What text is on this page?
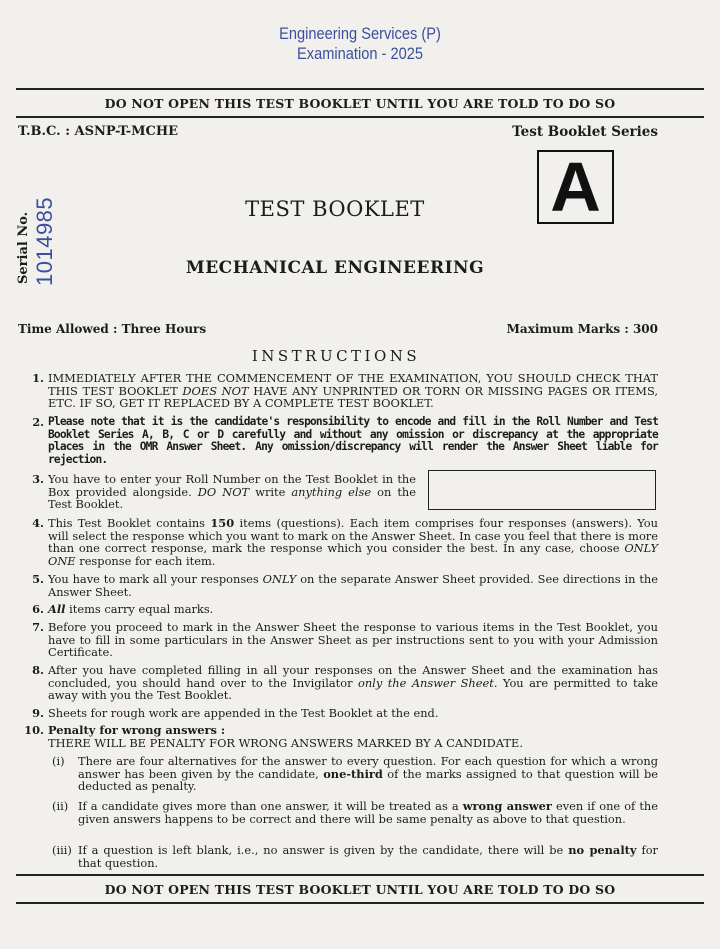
Engineering Services (P)
Examination - 2025
DO NOT OPEN THIS TEST BOOKLET UNTIL YOU ARE TOLD TO DO SO
T.B.C. : ASNP-T-MCHE	Test Booklet Series
Serial No. 1014985
A
TEST BOOKLET
MECHANICAL ENGINEERING
Time Allowed : Three Hours	Maximum Marks : 300
INSTRUCTIONS
1. IMMEDIATELY AFTER THE COMMENCEMENT OF THE EXAMINATION, YOU SHOULD CHECK THAT THIS TEST BOOKLET DOES NOT HAVE ANY UNPRINTED OR TORN OR MISSING PAGES OR ITEMS, ETC. IF SO, GET IT REPLACED BY A COMPLETE TEST BOOKLET.
2. Please note that it is the candidate's responsibility to encode and fill in the Roll Number and Test Booklet Series A, B, C or D carefully and without any omission or discrepancy at the appropriate places in the OMR Answer Sheet. Any omission/discrepancy will render the Answer Sheet liable for rejection.
3. You have to enter your Roll Number on the Test Booklet in the Box provided alongside. DO NOT write anything else on the Test Booklet.
4. This Test Booklet contains 150 items (questions). Each item comprises four responses (answers). You will select the response which you want to mark on the Answer Sheet. In case you feel that there is more than one correct response, mark the response which you consider the best. In any case, choose ONLY ONE response for each item.
5. You have to mark all your responses ONLY on the separate Answer Sheet provided. See directions in the Answer Sheet.
6. All items carry equal marks.
7. Before you proceed to mark in the Answer Sheet the response to various items in the Test Booklet, you have to fill in some particulars in the Answer Sheet as per instructions sent to you with your Admission Certificate.
8. After you have completed filling in all your responses on the Answer Sheet and the examination has concluded, you should hand over to the Invigilator only the Answer Sheet. You are permitted to take away with you the Test Booklet.
9. Sheets for rough work are appended in the Test Booklet at the end.
10. Penalty for wrong answers :
THERE WILL BE PENALTY FOR WRONG ANSWERS MARKED BY A CANDIDATE.
(i)	There are four alternatives for the answer to every question. For each question for which a wrong answer has been given by the candidate, one-third of the marks assigned to that question will be deducted as penalty.
(ii) If a candidate gives more than one answer, it will be treated as a wrong answer even if one of the given answers happens to be correct and there will be same penalty as above to that question.
(iii) If a question is left blank, i.e., no answer is given by the candidate, there will be no penalty for that question.
DO NOT OPEN THIS TEST BOOKLET UNTIL YOU ARE TOLD TO DO SO
